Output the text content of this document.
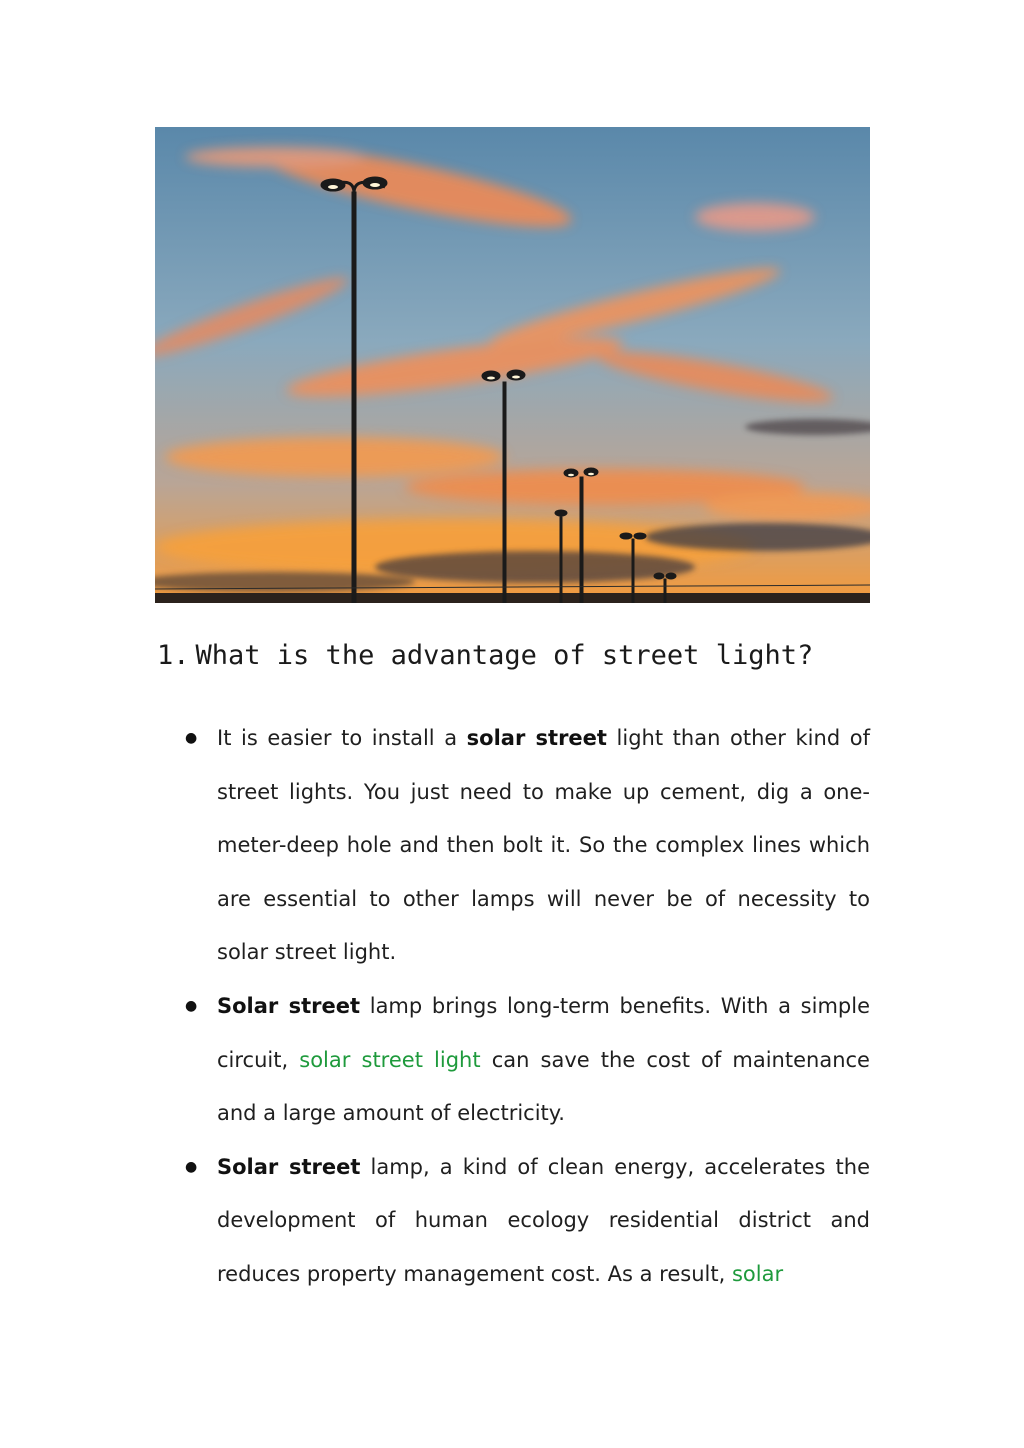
1. What is the advantage of street light?
● It is easier to install a solar street light than other kind of street lights. You just need to make up cement, dig a one-meter-deep hole and then bolt it. So the complex lines which are essential to other lamps will never be of necessity to solar street light.
● Solar street lamp brings long-term benefits. With a simple circuit, solar street light can save the cost of maintenance and a large amount of electricity.
● Solar street lamp, a kind of clean energy, accelerates the development of human ecology residential district and reduces property management cost. As a result, solar
